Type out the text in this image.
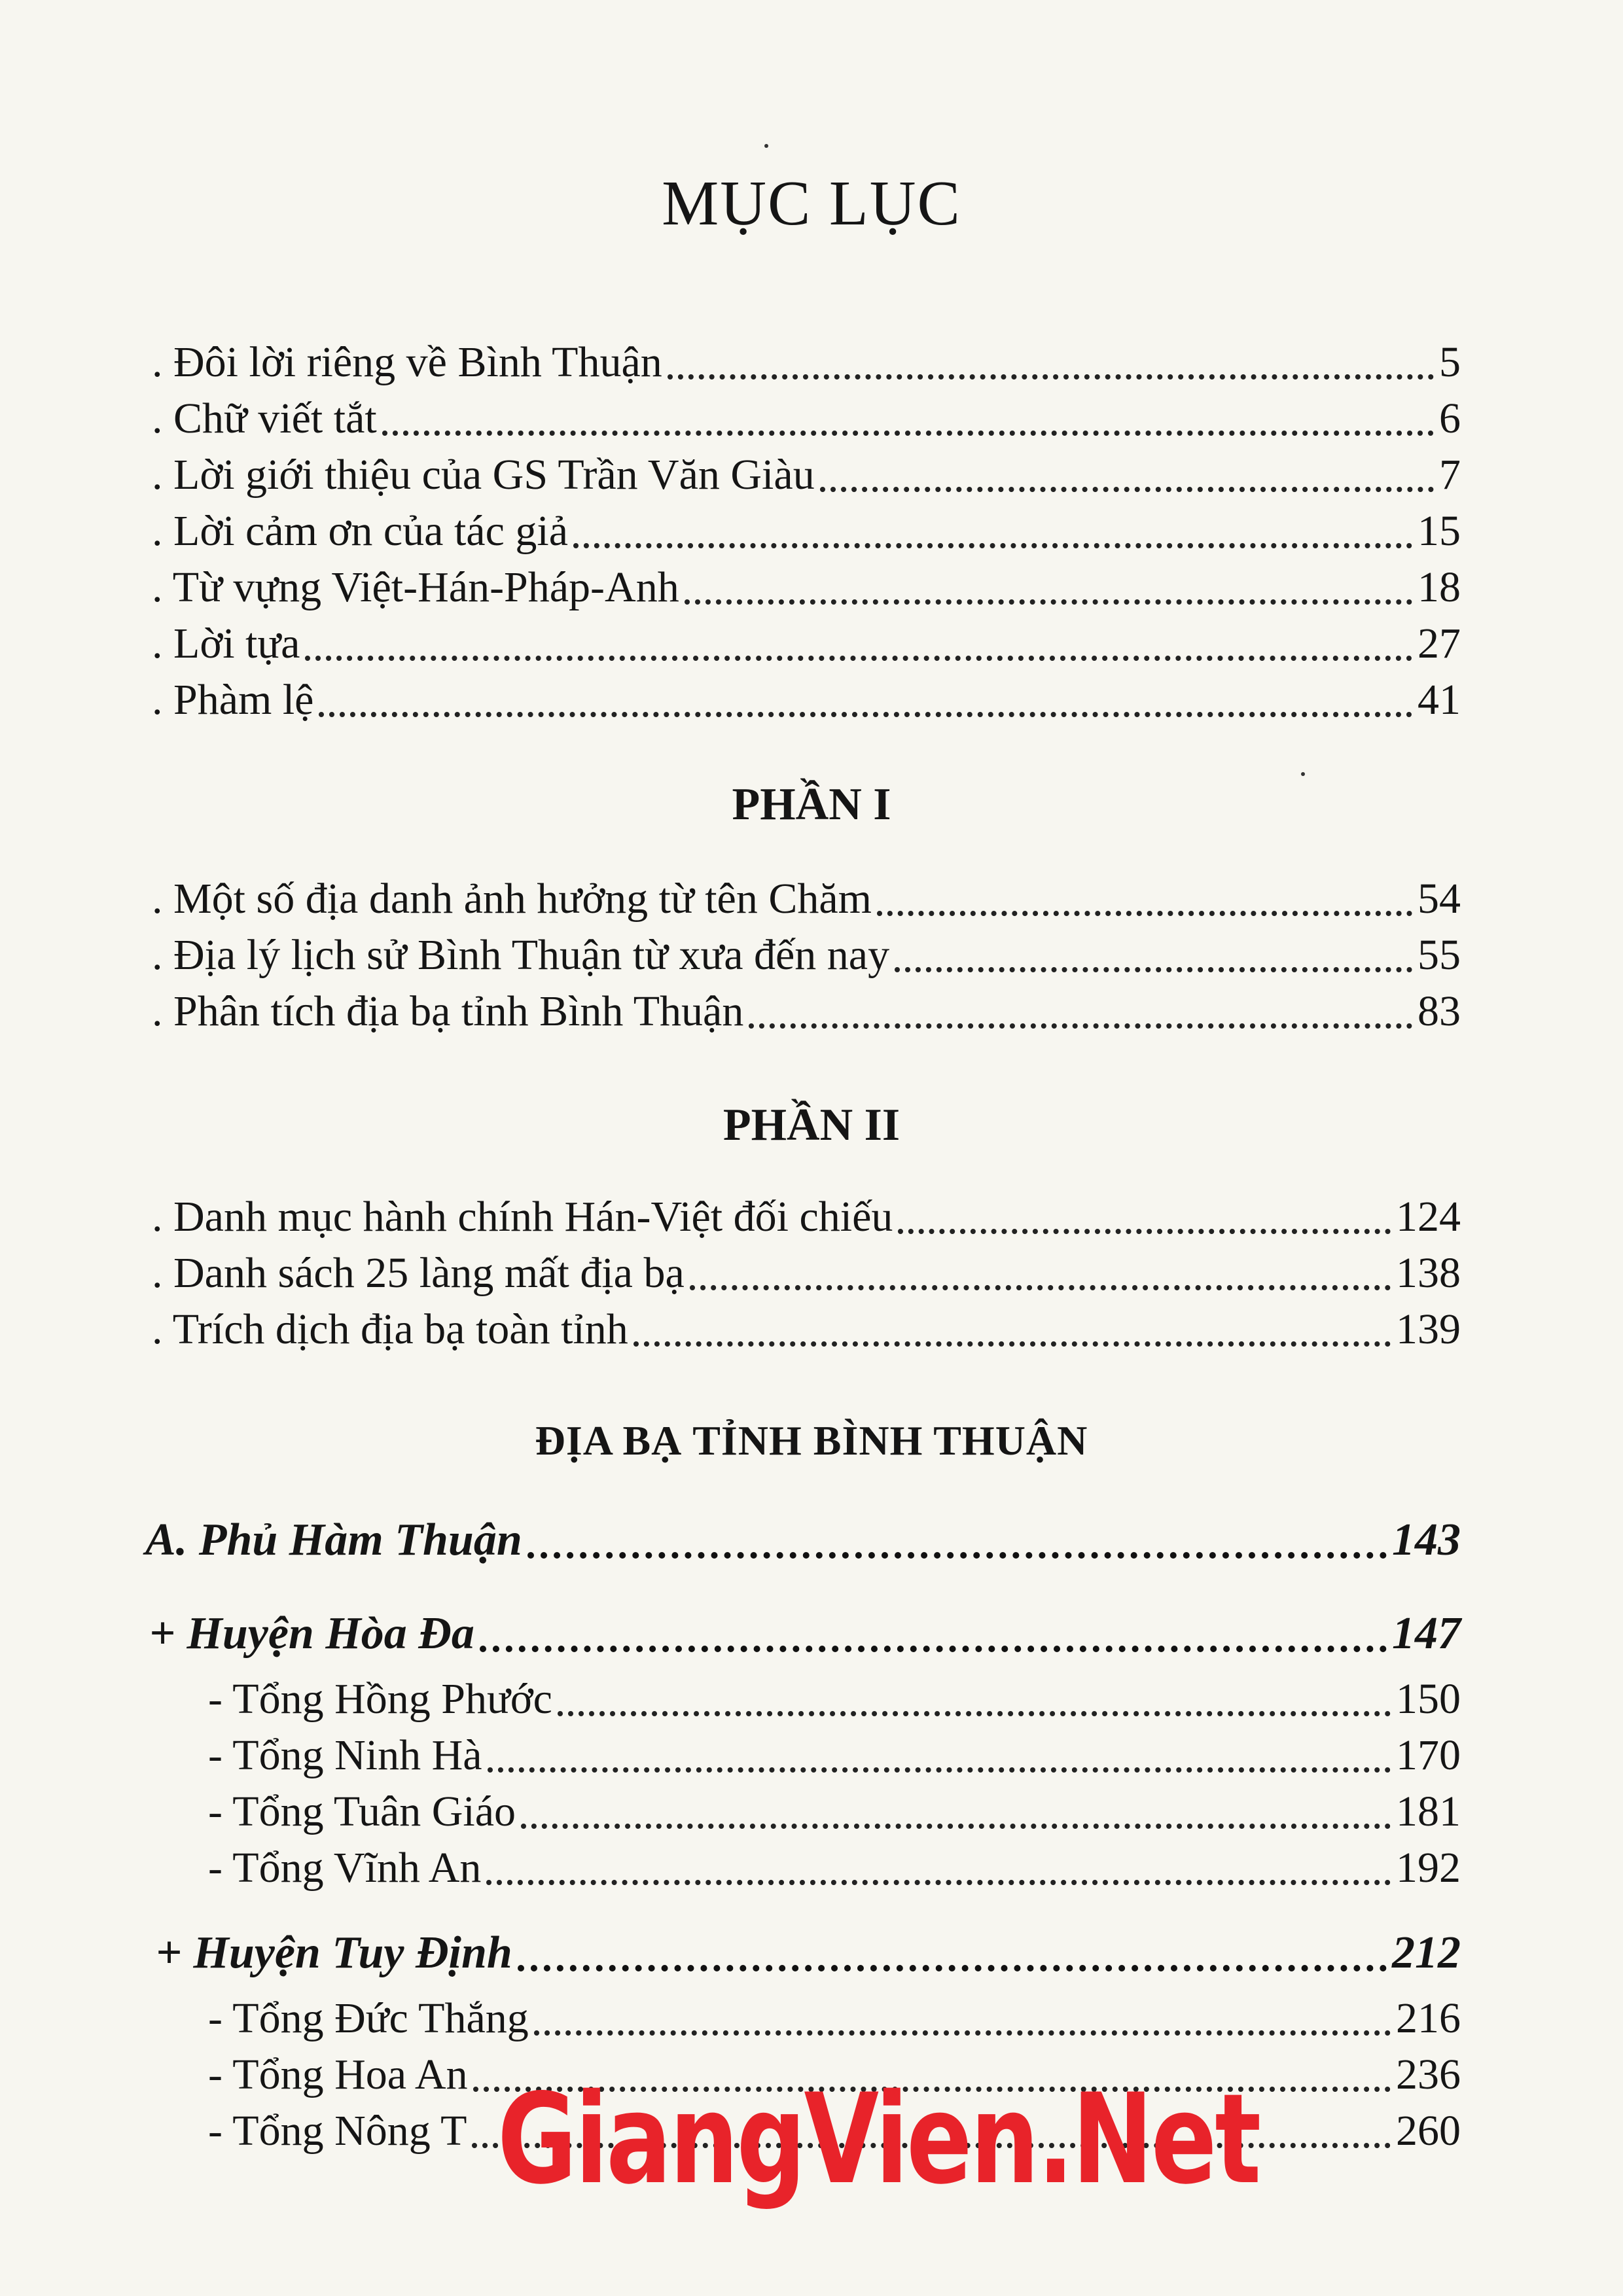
MỤC LỤC
. Đôi lời riêng về Bình Thuận	5
. Chữ viết tắt	6
. Lời giới thiệu của GS Trần Văn Giàu	7
. Lời cảm ơn của tác giả	15
. Từ vựng Việt-Hán-Pháp-Anh	18
. Lời tựa	27
. Phàm lệ	41
PHẦN I
. Một số địa danh ảnh hưởng từ tên Chăm	54
. Địa lý lịch sử Bình Thuận từ xưa đến nay	55
. Phân tích địa bạ tỉnh Bình Thuận	83
PHẦN II
. Danh mục hành chính Hán-Việt đối chiếu	124
. Danh sách 25 làng mất địa bạ	138
. Trích dịch địa bạ toàn tỉnh	139
ĐỊA BẠ TỈNH BÌNH THUẬN
A. Phủ Hàm Thuận	143
+ Huyện Hòa Đa	147
- Tổng Hồng Phước	150
- Tổng Ninh Hà	170
- Tổng Tuân Giáo	181
- Tổng Vĩnh An	192
+ Huyện Tuy Định	212
- Tổng Đức Thắng	216
- Tổng Hoa An	236
- Tổng Nông T	260
GiangVien.Net
